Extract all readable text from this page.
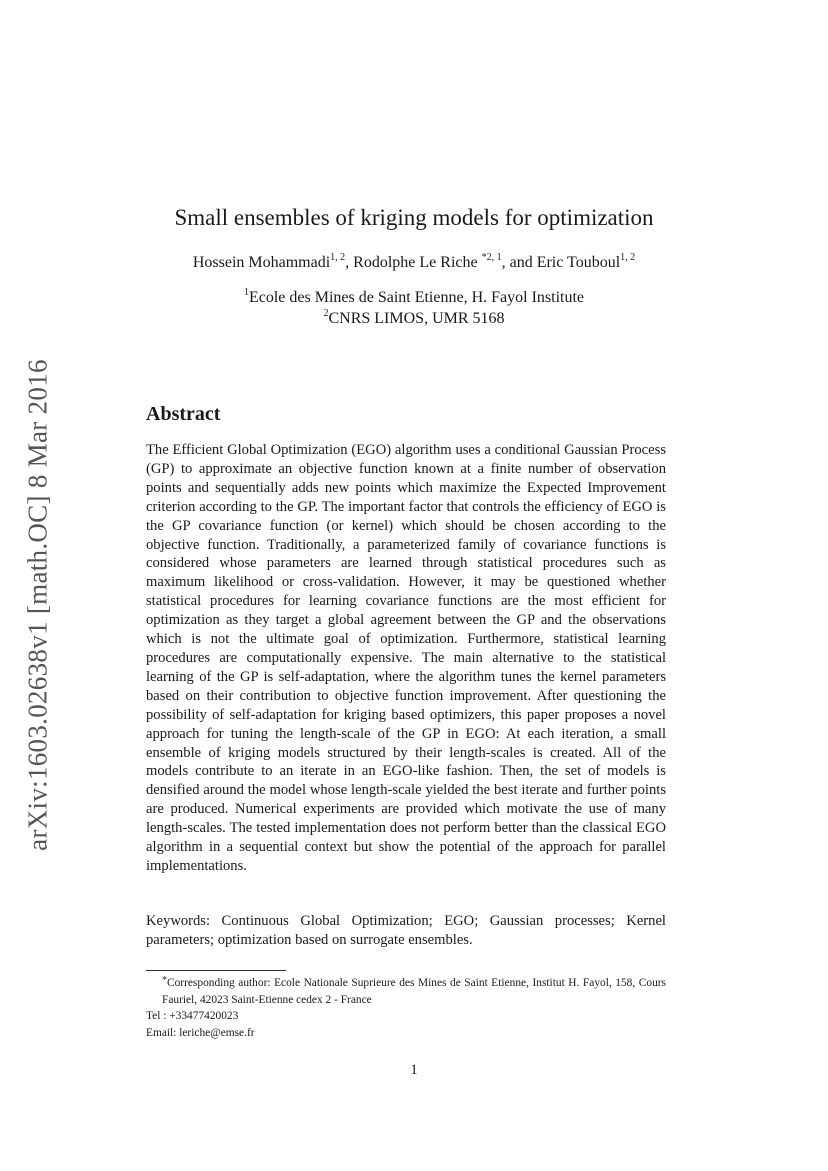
arXiv:1603.02638v1 [math.OC] 8 Mar 2016
Small ensembles of kriging models for optimization
Hossein Mohammadi$^{1, 2}$, Rodolphe Le Riche $^{*2, 1}$, and Eric Touboul$^{1, 2}$
$^1$Ecole des Mines de Saint Etienne, H. Fayol Institute
$^2$CNRS LIMOS, UMR 5168
Abstract
The Efficient Global Optimization (EGO) algorithm uses a conditional Gaussian Process (GP) to approximate an objective function known at a finite number of observation points and sequentially adds new points which maximize the Expected Improvement criterion according to the GP. The important factor that controls the efficiency of EGO is the GP covariance function (or kernel) which should be chosen according to the objective function. Traditionally, a parameterized family of covariance functions is considered whose parameters are learned through statistical procedures such as maximum likelihood or cross-validation. However, it may be questioned whether statistical procedures for learning covariance functions are the most efficient for optimization as they target a global agreement between the GP and the observations which is not the ultimate goal of optimization. Furthermore, statistical learning procedures are computationally expensive. The main alternative to the statistical learning of the GP is self-adaptation, where the algorithm tunes the kernel parameters based on their contribution to objective function improvement. After questioning the possibility of self-adaptation for kriging based optimizers, this paper proposes a novel approach for tuning the length-scale of the GP in EGO: At each iteration, a small ensemble of kriging models structured by their length-scales is created. All of the models contribute to an iterate in an EGO-like fashion. Then, the set of models is densified around the model whose length-scale yielded the best iterate and further points are produced. Numerical experiments are provided which motivate the use of many length-scales. The tested implementation does not perform better than the classical EGO algorithm in a sequential context but show the potential of the approach for parallel implementations.
Keywords: Continuous Global Optimization; EGO; Gaussian processes; Kernel parameters; optimization based on surrogate ensembles.
*Corresponding author: Ecole Nationale Suprieure des Mines de Saint Etienne, Institut H. Fayol, 158, Cours Fauriel, 42023 Saint-Etienne cedex 2 - France
Tel : +33477420023
Email: leriche@emse.fr
1
